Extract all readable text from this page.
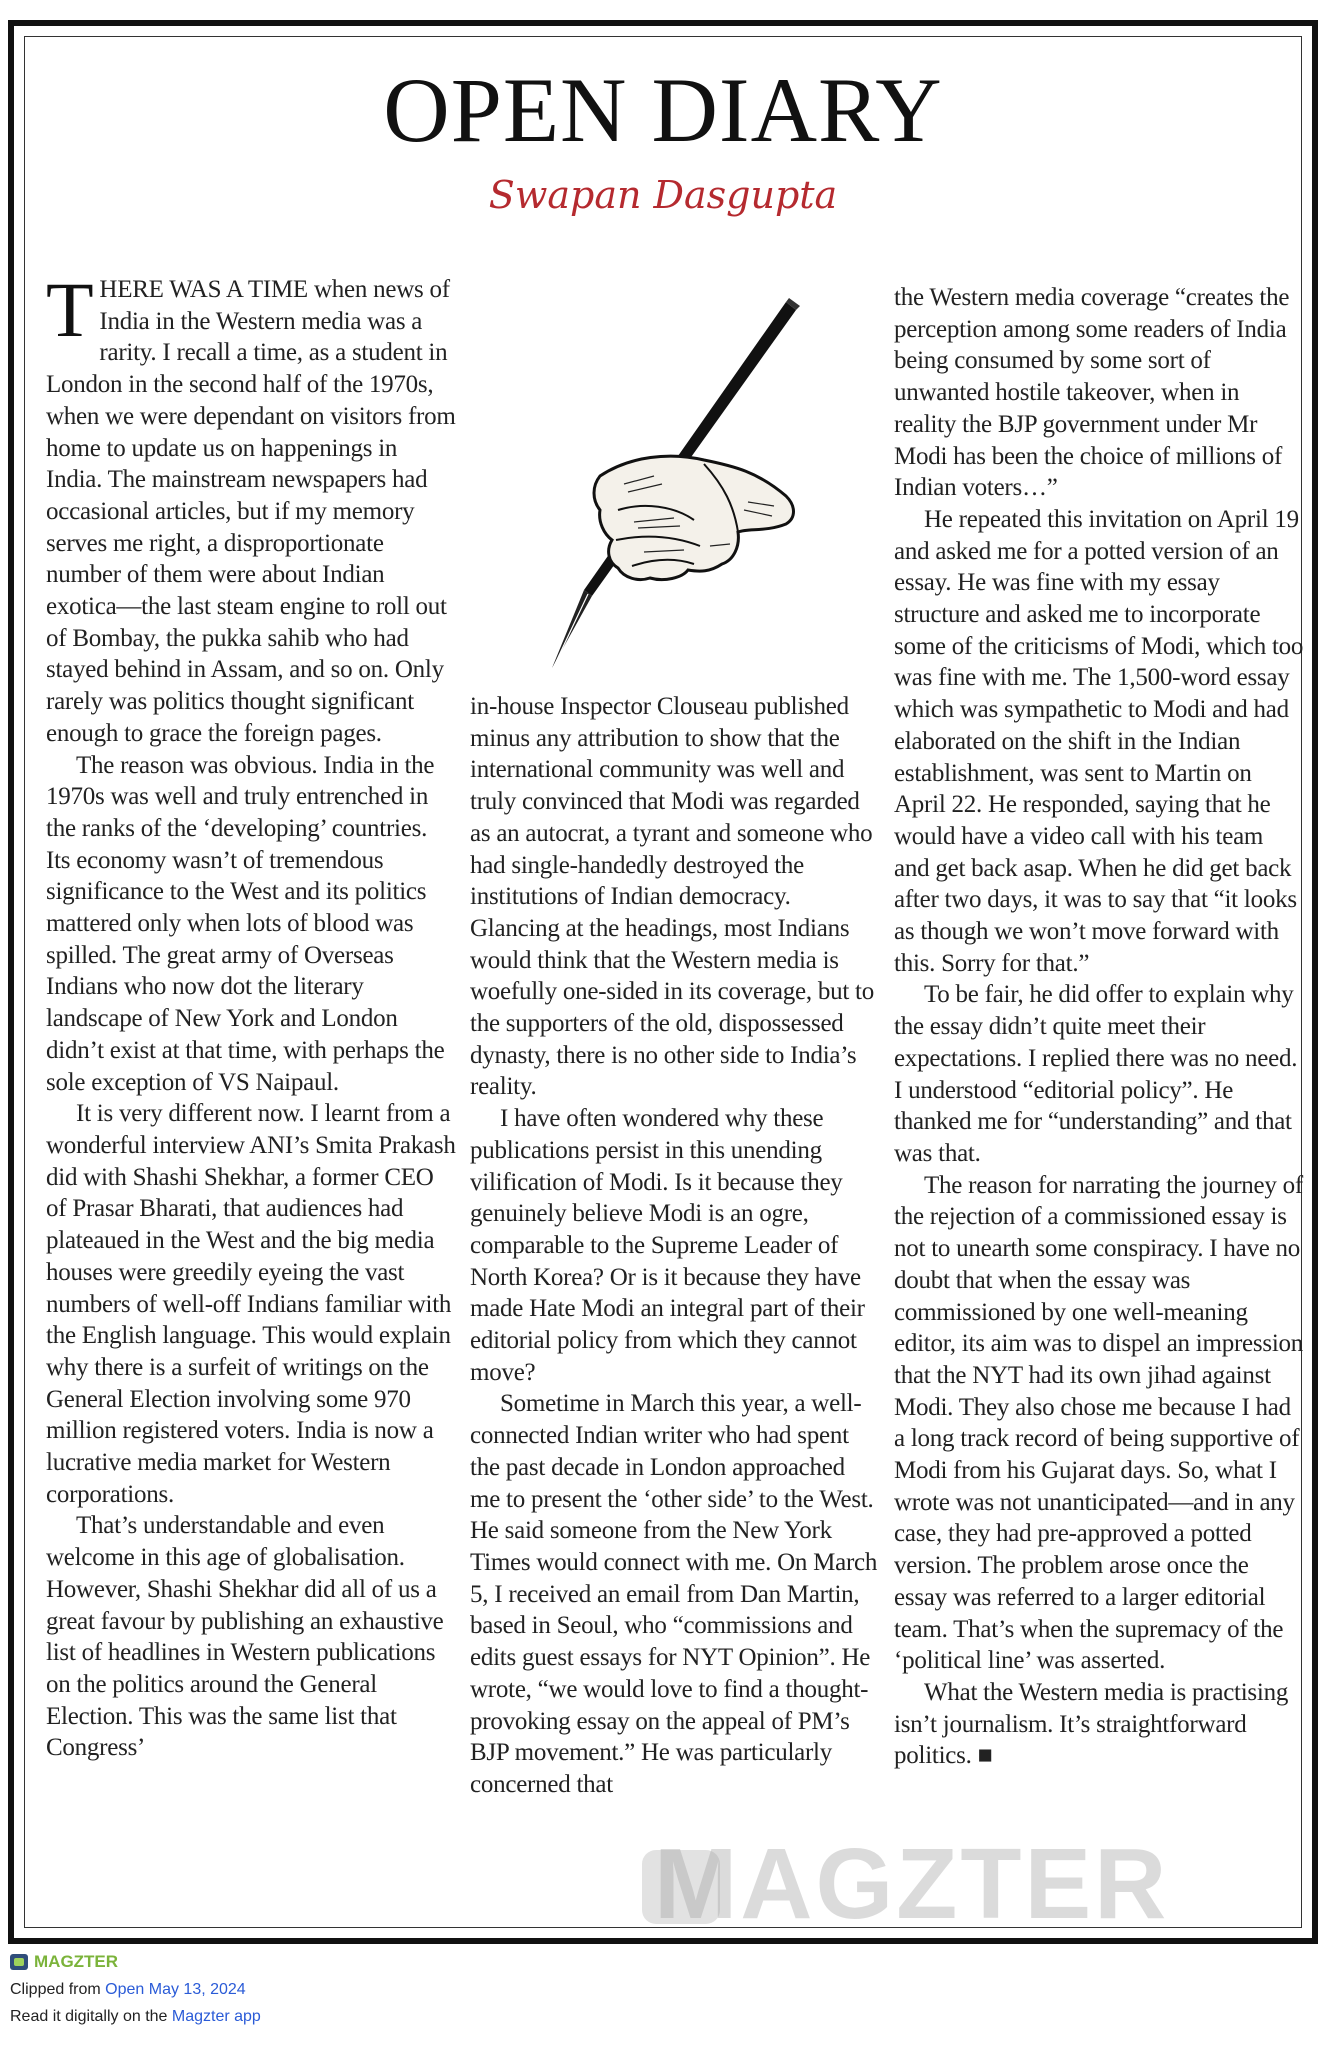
OPEN DIARY
Swapan Dasgupta

THERE WAS A TIME when news of India in the Western media was a rarity. I recall a time, as a student in London in the second half of the 1970s, when we were dependant on visitors from home to update us on happenings in India. The mainstream newspapers had occasional articles, but if my memory serves me right, a disproportionate number of them were about Indian exotica—the last steam engine to roll out of Bombay, the pukka sahib who had stayed behind in Assam, and so on. Only rarely was politics thought significant enough to grace the foreign pages.

The reason was obvious. India in the 1970s was well and truly entrenched in the ranks of the ‘developing’ countries. Its economy wasn’t of tremendous significance to the West and its politics mattered only when lots of blood was spilled. The great army of Overseas Indians who now dot the literary landscape of New York and London didn’t exist at that time, with perhaps the sole exception of VS Naipaul.

It is very different now. I learnt from a wonderful interview ANI’s Smita Prakash did with Shashi Shekhar, a former CEO of Prasar Bharati, that audiences had plateaued in the West and the big media houses were greedily eyeing the vast numbers of well-off Indians familiar with the English language. This would explain why there is a surfeit of writings on the General Election involving some 970 million registered voters. India is now a lucrative media market for Western corporations.

That’s understandable and even welcome in this age of globalisation. However, Shashi Shekhar did all of us a great favour by publishing an exhaustive list of headlines in Western publications on the politics around the General Election. This was the same list that Congress’

in-house Inspector Clouseau published minus any attribution to show that the international community was well and truly convinced that Modi was regarded as an autocrat, a tyrant and someone who had single-handedly destroyed the institutions of Indian democracy. Glancing at the headings, most Indians would think that the Western media is woefully one-sided in its coverage, but to the supporters of the old, dispossessed dynasty, there is no other side to India’s reality.

I have often wondered why these publications persist in this unending vilification of Modi. Is it because they genuinely believe Modi is an ogre, comparable to the Supreme Leader of North Korea? Or is it because they have made Hate Modi an integral part of their editorial policy from which they cannot move?

Sometime in March this year, a well-connected Indian writer who had spent the past decade in London approached me to present the ‘other side’ to the West. He said someone from the New York Times would connect with me. On March 5, I received an email from Dan Martin, based in Seoul, who “commissions and edits guest essays for NYT Opinion”. He wrote, “we would love to find a thought-provoking essay on the appeal of PM’s BJP movement.” He was particularly concerned that

the Western media coverage “creates the perception among some readers of India being consumed by some sort of unwanted hostile takeover, when in reality the BJP government under Mr Modi has been the choice of millions of Indian voters…”

He repeated this invitation on April 19 and asked me for a potted version of an essay. He was fine with my essay structure and asked me to incorporate some of the criticisms of Modi, which too was fine with me. The 1,500-word essay which was sympathetic to Modi and had elaborated on the shift in the Indian establishment, was sent to Martin on April 22. He responded, saying that he would have a video call with his team and get back asap. When he did get back after two days, it was to say that “it looks as though we won’t move forward with this. Sorry for that.”

To be fair, he did offer to explain why the essay didn’t quite meet their expectations. I replied there was no need. I understood “editorial policy”. He thanked me for “understanding” and that was that.

The reason for narrating the journey of the rejection of a commissioned essay is not to unearth some conspiracy. I have no doubt that when the essay was commissioned by one well-meaning editor, its aim was to dispel an impression that the NYT had its own jihad against Modi. They also chose me because I had a long track record of being supportive of Modi from his Gujarat days. So, what I wrote was not unanticipated—and in any case, they had pre-approved a potted version. The problem arose once the essay was referred to a larger editorial team. That’s when the supremacy of the ‘political line’ was asserted.

What the Western media is practising isn’t journalism. It’s straightforward politics. ■

MAGZTER
MAGZTER
Clipped from Open May 13, 2024
Read it digitally on the Magzter app
